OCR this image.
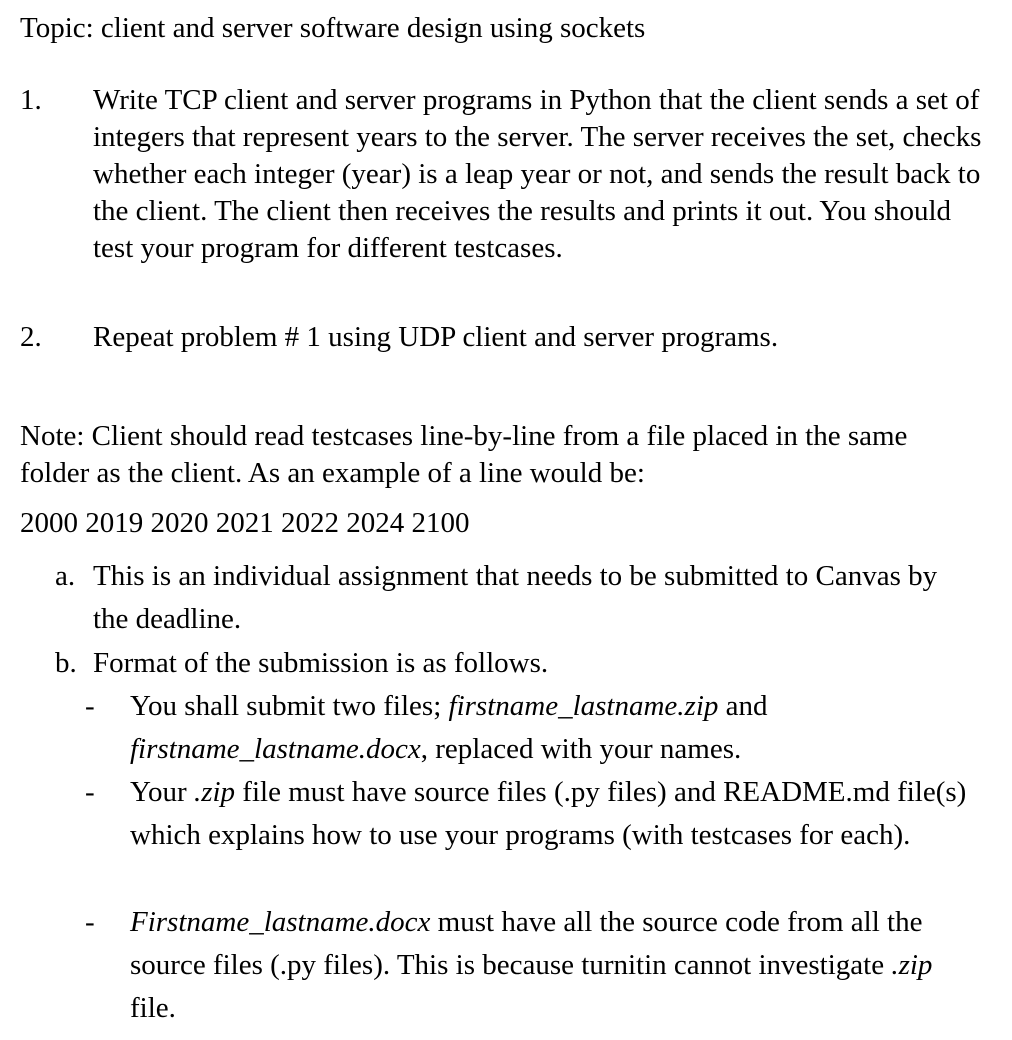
Topic: client and server software design using sockets
1. Write TCP client and server programs in Python that the client sends a set of integers that represent years to the server. The server receives the set, checks whether each integer (year) is a leap year or not, and sends the result back to the client. The client then receives the results and prints it out. You should test your program for different testcases.
2. Repeat problem # 1 using UDP client and server programs.
Note: Client should read testcases line-by-line from a file placed in the same folder as the client. As an example of a line would be:
2000 2019 2020 2021 2022 2024 2100
a. This is an individual assignment that needs to be submitted to Canvas by the deadline.
b. Format of the submission is as follows.
- You shall submit two files; firstname_lastname.zip and firstname_lastname.docx, replaced with your names.
- Your .zip file must have source files (.py files) and README.md file(s) which explains how to use your programs (with testcases for each).
- Firstname_lastname.docx must have all the source code from all the source files (.py files). This is because turnitin cannot investigate .zip file.
